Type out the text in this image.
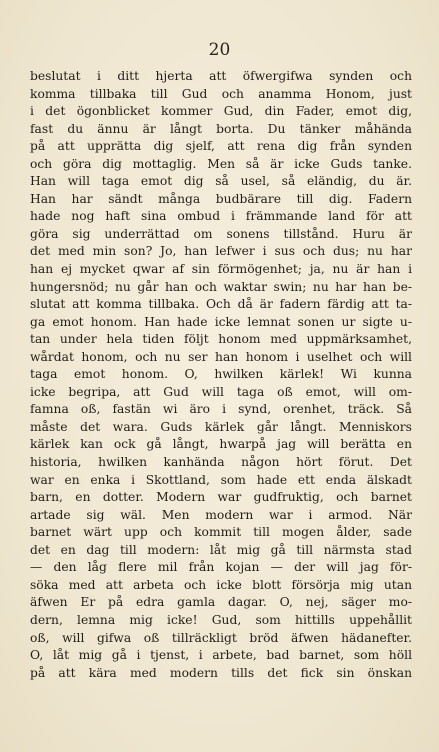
20
beslutat i ditt hjerta att öfwergifwa synden och
komma tillbaka till Gud och anamma Honom, just
i det ögonblicket kommer Gud, din Fader, emot dig,
fast du ännu är långt borta. Du tänker måhända
på att upprätta dig sjelf, att rena dig från synden
och göra dig mottaglig. Men så är icke Guds tanke.
Han will taga emot dig så usel, så eländig, du är.
Han har sändt många budbärare till dig. Fadern
hade nog haft sina ombud i främmande land för att
göra sig underrättad om sonens tillstånd. Huru är
det med min son? Jo, han lefwer i sus och dus; nu har
han ej mycket qwar af sin förmögenhet; ja, nu är han i
hungersnöd; nu går han och waktar swin; nu har han be-
slutat att komma tillbaka. Och då är fadern färdig att ta-
ga emot honom. Han hade icke lemnat sonen ur sigte u-
tan under hela tiden följt honom med uppmärksamhet,
wårdat honom, och nu ser han honom i uselhet och will
taga emot honom. O, hwilken kärlek! Wi kunna
icke begripa, att Gud will taga oß emot, will om-
famna oß, fastän wi äro i synd, orenhet, träck. Så
måste det wara. Guds kärlek går långt. Menniskors
kärlek kan ock gå långt, hwarpå jag will berätta en
historia, hwilken kanhända någon hört förut. Det
war en enka i Skottland, som hade ett enda älskadt
barn, en dotter. Modern war gudfruktig, och barnet
artade sig wäl. Men modern war i armod. När
barnet wärt upp och kommit till mogen ålder, sade
det en dag till modern: låt mig gå till närmsta stad
— den låg flere mil från kojan — der will jag för-
söka med att arbeta och icke blott försörja mig utan
äfwen Er på edra gamla dagar. O, nej, säger mo-
dern, lemna mig icke! Gud, som hittills uppehållit
oß, will gifwa oß tillräckligt bröd äfwen hädanefter.
O, låt mig gå i tjenst, i arbete, bad barnet, som höll
på att kära med modern tills det fick sin önskan
